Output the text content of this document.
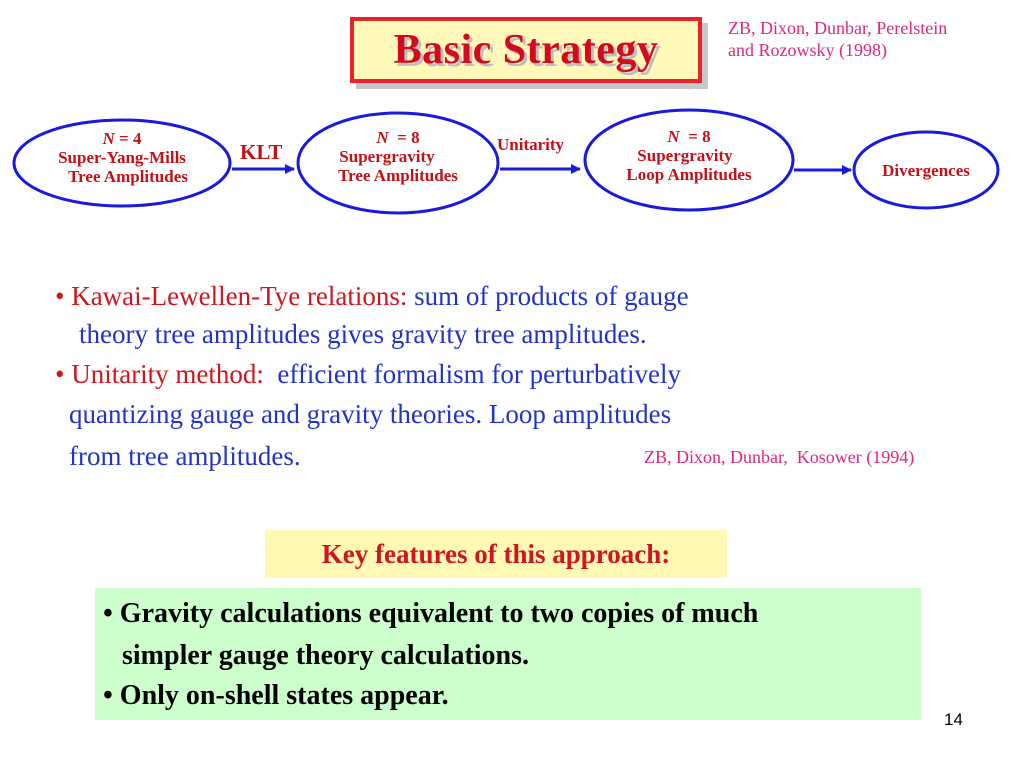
Basic Strategy	ZB, Dixon, Dunbar, Perelstein
and Rozowsky (1998)
N = 4
Super-Yang-Mills
Tree Amplitudes
N  = 8
Supergravity
Tree Amplitudes
N  = 8
Supergravity
Loop Amplitudes	Divergences
KLT	Unitarity
• Kawai-Lewellen-Tye relations: sum of products of gauge
theory tree amplitudes gives gravity tree amplitudes.
• Unitarity method:  efficient formalism for perturbatively
quantizing gauge and gravity theories. Loop amplitudes
from tree amplitudes.	ZB, Dixon, Dunbar,  Kosower (1994)
Key features of this approach:
• Gravity calculations equivalent to two copies of much
simpler gauge theory calculations.
• Only on-shell states appear.
14
